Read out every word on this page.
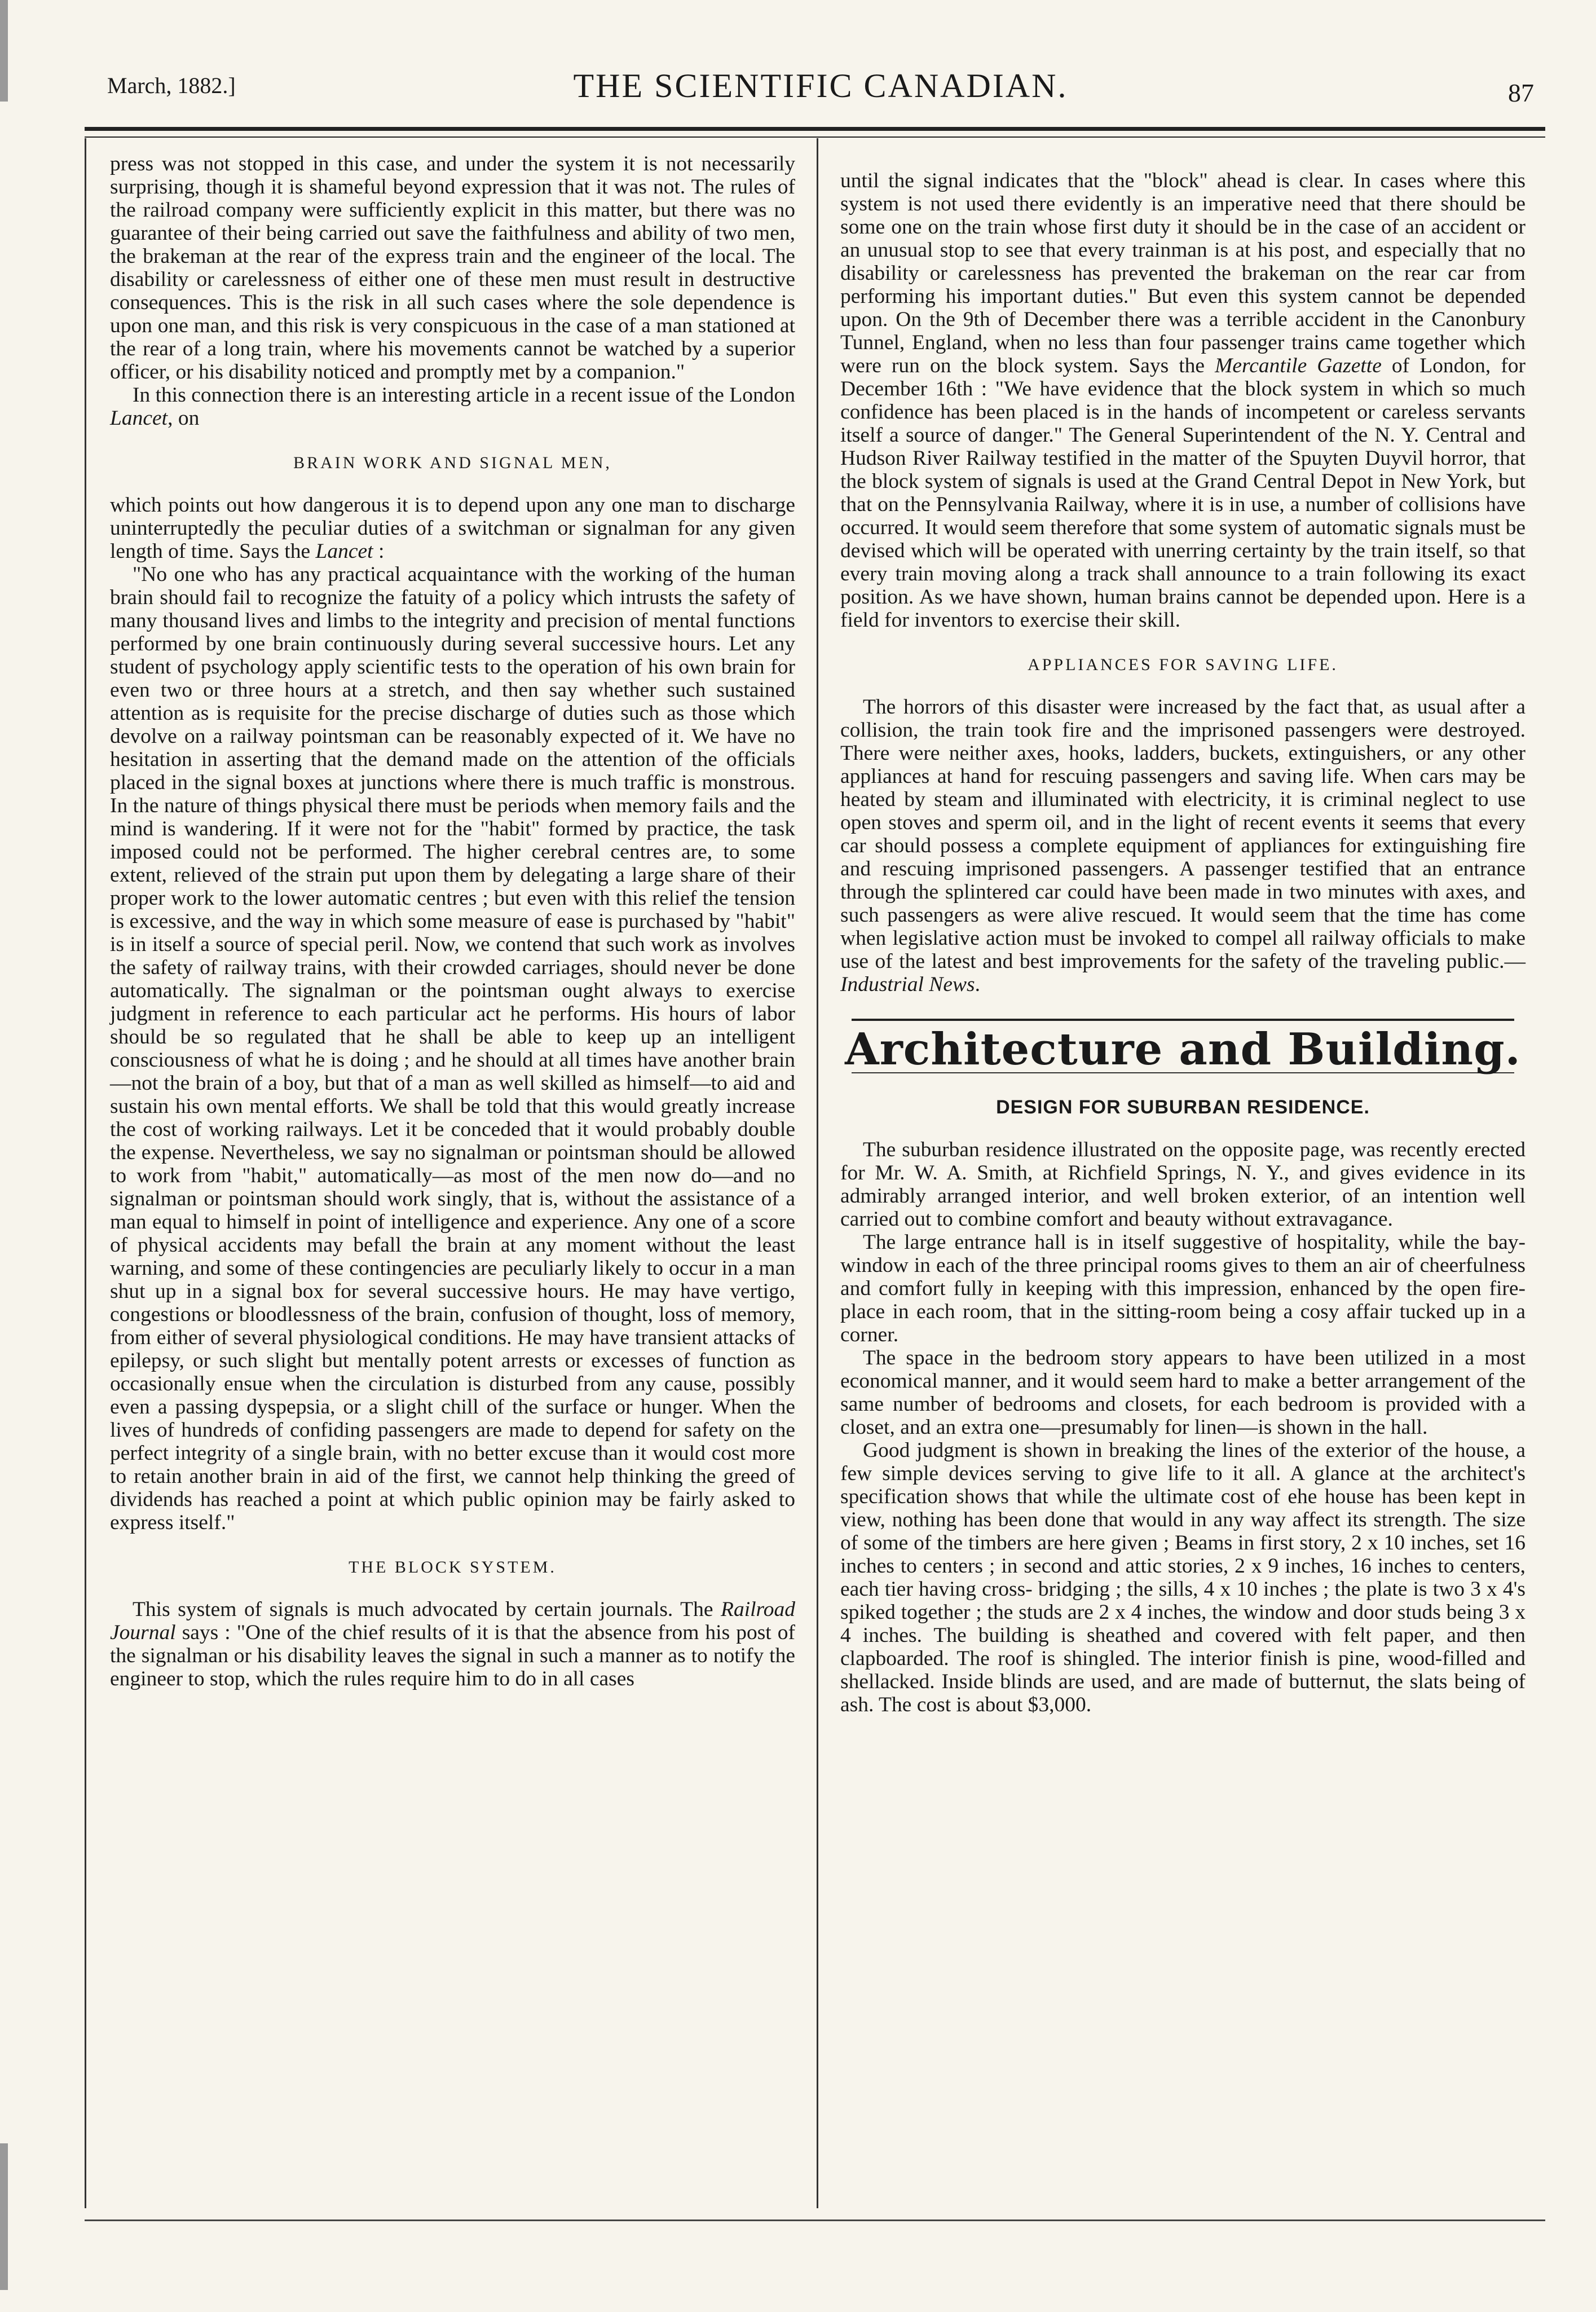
March, 1882.]	THE SCIENTIFIC CANADIAN.	87

press was not stopped in this case, and under the system it is not necessarily surprising, though it is shameful beyond expression that it was not. The rules of the railroad company were sufficiently explicit in this matter, but there was no guarantee of their being carried out save the faithfulness and ability of two men, the brakeman at the rear of the express train and the engineer of the local. The disability or carelessness of either one of these men must result in destructive consequences. This is the risk in all such cases where the sole dependence is upon one man, and this risk is very conspicuous in the case of a man stationed at the rear of a long train, where his movements cannot be watched by a superior officer, or his disability noticed and promptly met by a companion."

In this connection there is an interesting article in a recent issue of the London Lancet, on

BRAIN WORK AND SIGNAL MEN,

which points out how dangerous it is to depend upon any one man to discharge uninterruptedly the peculiar duties of a switchman or signalman for any given length of time. Says the Lancet :

"No one who has any practical acquaintance with the working of the human brain should fail to recognize the fatuity of a policy which intrusts the safety of many thousand lives and limbs to the integrity and precision of mental functions performed by one brain continuously during several successive hours. Let any student of psychology apply scientific tests to the operation of his own brain for even two or three hours at a stretch, and then say whether such sustained attention as is requisite for the precise discharge of duties such as those which devolve on a railway pointsman can be reasonably expected of it. We have no hesitation in asserting that the demand made on the attention of the officials placed in the signal boxes at junctions where there is much traffic is monstrous. In the nature of things physical there must be periods when memory fails and the mind is wandering. If it were not for the "habit" formed by practice, the task imposed could not be performed. The higher cerebral centres are, to some extent, relieved of the strain put upon them by delegating a large share of their proper work to the lower automatic centres ; but even with this relief the tension is excessive, and the way in which some measure of ease is purchased by "habit" is in itself a source of special peril. Now, we contend that such work as involves the safety of railway trains, with their crowded carriages, should never be done automatically. The signalman or the pointsman ought always to exercise judgment in reference to each particular act he performs. His hours of labor should be so regulated that he shall be able to keep up an intelligent consciousness of what he is doing ; and he should at all times have another brain—not the brain of a boy, but that of a man as well skilled as himself—to aid and sustain his own mental efforts. We shall be told that this would greatly increase the cost of working railways. Let it be conceded that it would probably double the expense. Nevertheless, we say no signalman or pointsman should be allowed to work from "habit," automatically—as most of the men now do—and no signalman or pointsman should work singly, that is, without the assistance of a man equal to himself in point of intelligence and experience. Any one of a score of physical accidents may befall the brain at any moment without the least warning, and some of these contingencies are peculiarly likely to occur in a man shut up in a signal box for several successive hours. He may have vertigo, congestions or bloodlessness of the brain, confusion of thought, loss of memory, from either of several physiological conditions. He may have transient attacks of epilepsy, or such slight but mentally potent arrests or excesses of function as occasionally ensue when the circulation is disturbed from any cause, possibly even a passing dyspepsia, or a slight chill of the surface or hunger. When the lives of hundreds of confiding passengers are made to depend for safety on the perfect integrity of a single brain, with no better excuse than it would cost more to retain another brain in aid of the first, we cannot help thinking the greed of dividends has reached a point at which public opinion may be fairly asked to express itself."

THE BLOCK SYSTEM.

This system of signals is much advocated by certain journals. The Railroad Journal says : "One of the chief results of it is that the absence from his post of the signalman or his disability leaves the signal in such a manner as to notify the engineer to stop, which the rules require him to do in all cases

until the signal indicates that the "block" ahead is clear. In cases where this system is not used there evidently is an imperative need that there should be some one on the train whose first duty it should be in the case of an accident or an unusual stop to see that every trainman is at his post, and especially that no disability or carelessness has prevented the brakeman on the rear car from performing his important duties." But even this system cannot be depended upon. On the 9th of December there was a terrible accident in the Canonbury Tunnel, England, when no less than four passenger trains came together which were run on the block system. Says the Mercantile Gazette of London, for December 16th : "We have evidence that the block system in which so much confidence has been placed is in the hands of incompetent or careless servants itself a source of danger." The General Superintendent of the N. Y. Central and Hudson River Railway testified in the matter of the Spuyten Duyvil horror, that the block system of signals is used at the Grand Central Depot in New York, but that on the Pennsylvania Railway, where it is in use, a number of collisions have occurred. It would seem therefore that some system of automatic signals must be devised which will be operated with unerring certainty by the train itself, so that every train moving along a track shall announce to a train following its exact position. As we have shown, human brains cannot be depended upon. Here is a field for inventors to exercise their skill.

APPLIANCES FOR SAVING LIFE.

The horrors of this disaster were increased by the fact that, as usual after a collision, the train took fire and the imprisoned passengers were destroyed. There were neither axes, hooks, ladders, buckets, extinguishers, or any other appliances at hand for rescuing passengers and saving life. When cars may be heated by steam and illuminated with electricity, it is criminal neglect to use open stoves and sperm oil, and in the light of recent events it seems that every car should possess a complete equipment of appliances for extinguishing fire and rescuing imprisoned passengers. A passenger testified that an entrance through the splintered car could have been made in two minutes with axes, and such passengers as were alive rescued. It would seem that the time has come when legislative action must be invoked to compel all railway officials to make use of the latest and best improvements for the safety of the traveling public.—Industrial News.

Architecture and Building.
DESIGN FOR SUBURBAN RESIDENCE.

The suburban residence illustrated on the opposite page, was recently erected for Mr. W. A. Smith, at Richfield Springs, N. Y., and gives evidence in its admirably arranged interior, and well broken exterior, of an intention well carried out to combine comfort and beauty without extravagance.

The large entrance hall is in itself suggestive of hospitality, while the bay-window in each of the three principal rooms gives to them an air of cheerfulness and comfort fully in keeping with this impression, enhanced by the open fire-place in each room, that in the sitting-room being a cosy affair tucked up in a corner.

The space in the bedroom story appears to have been utilized in a most economical manner, and it would seem hard to make a better arrangement of the same number of bedrooms and closets, for each bedroom is provided with a closet, and an extra one—presumably for linen—is shown in the hall.

Good judgment is shown in breaking the lines of the exterior of the house, a few simple devices serving to give life to it all. A glance at the architect's specification shows that while the ultimate cost of ehe house has been kept in view, nothing has been done that would in any way affect its strength. The size of some of the timbers are here given ; Beams in first story, 2 x 10 inches, set 16 inches to centers ; in second and attic stories, 2 x 9 inches, 16 inches to centers, each tier having cross- bridging ; the sills, 4 x 10 inches ; the plate is two 3 x 4's spiked together ; the studs are 2 x 4 inches, the window and door studs being 3 x 4 inches. The building is sheathed and covered with felt paper, and then clapboarded. The roof is shingled. The interior finish is pine, wood-filled and shellacked. Inside blinds are used, and are made of butternut, the slats being of ash. The cost is about $3,000.
